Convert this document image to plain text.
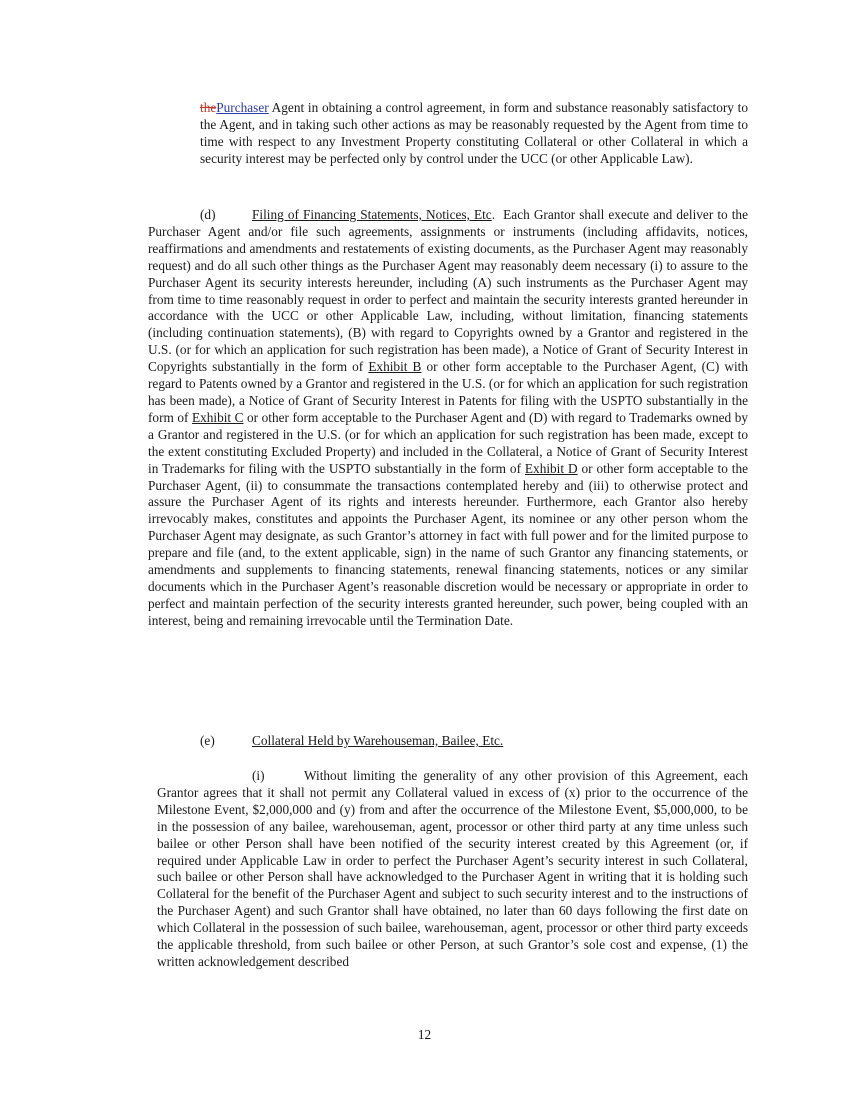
thePurchaser Agent in obtaining a control agreement, in form and substance reasonably satisfactory to the Agent, and in taking such other actions as may be reasonably requested by the Agent from time to time with respect to any Investment Property constituting Collateral or other Collateral in which a security interest may be perfected only by control under the UCC (or other Applicable Law).

(d)	Filing of Financing Statements, Notices, Etc.  Each Grantor shall execute and deliver to the Purchaser Agent and/or file such agreements, assignments or instruments (including affidavits, notices, reaffirmations and amendments and restatements of existing documents, as the Purchaser Agent may reasonably request) and do all such other things as the Purchaser Agent may reasonably deem necessary (i) to assure to the Purchaser Agent its security interests hereunder, including (A) such instruments as the Purchaser Agent may from time to time reasonably request in order to perfect and maintain the security interests granted hereunder in accordance with the UCC or other Applicable Law, including, without limitation, financing statements (including continuation statements), (B) with regard to Copyrights owned by a Grantor and registered in the U.S. (or for which an application for such registration has been made), a Notice of Grant of Security Interest in Copyrights substantially in the form of Exhibit B or other form acceptable to the Purchaser Agent, (C) with regard to Patents owned by a Grantor and registered in the U.S. (or for which an application for such registration has been made), a Notice of Grant of Security Interest in Patents for filing with the USPTO substantially in the form of Exhibit C or other form acceptable to the Purchaser Agent and (D) with regard to Trademarks owned by a Grantor and registered in the U.S. (or for which an application for such registration has been made, except to the extent constituting Excluded Property) and included in the Collateral, a Notice of Grant of Security Interest in Trademarks for filing with the USPTO substantially in the form of Exhibit D or other form acceptable to the Purchaser Agent, (ii) to consummate the transactions contemplated hereby and (iii) to otherwise protect and assure the Purchaser Agent of its rights and interests hereunder. Furthermore, each Grantor also hereby irrevocably makes, constitutes and appoints the Purchaser Agent, its nominee or any other person whom the Purchaser Agent may designate, as such Grantor’s attorney in fact with full power and for the limited purpose to prepare and file (and, to the extent applicable, sign) in the name of such Grantor any financing statements, or amendments and supplements to financing statements, renewal financing statements, notices or any similar documents which in the Purchaser Agent’s reasonable discretion would be necessary or appropriate in order to perfect and maintain perfection of the security interests granted hereunder, such power, being coupled with an interest, being and remaining irrevocable until the Termination Date.

(e)	Collateral Held by Warehouseman, Bailee, Etc.

(i)	Without limiting the generality of any other provision of this Agreement, each Grantor agrees that it shall not permit any Collateral valued in excess of (x) prior to the occurrence of the Milestone Event, $2,000,000 and (y) from and after the occurrence of the Milestone Event, $5,000,000, to be in the possession of any bailee, warehouseman, agent, processor or other third party at any time unless such bailee or other Person shall have been notified of the security interest created by this Agreement (or, if required under Applicable Law in order to perfect the Purchaser Agent’s security interest in such Collateral, such bailee or other Person shall have acknowledged to the Purchaser Agent in writing that it is holding such Collateral for the benefit of the Purchaser Agent and subject to such security interest and to the instructions of the Purchaser Agent) and such Grantor shall have obtained, no later than 60 days following the first date on which Collateral in the possession of such bailee, warehouseman, agent, processor or other third party exceeds the applicable threshold, from such bailee or other Person, at such Grantor’s sole cost and expense, (1) the written acknowledgement described

12
